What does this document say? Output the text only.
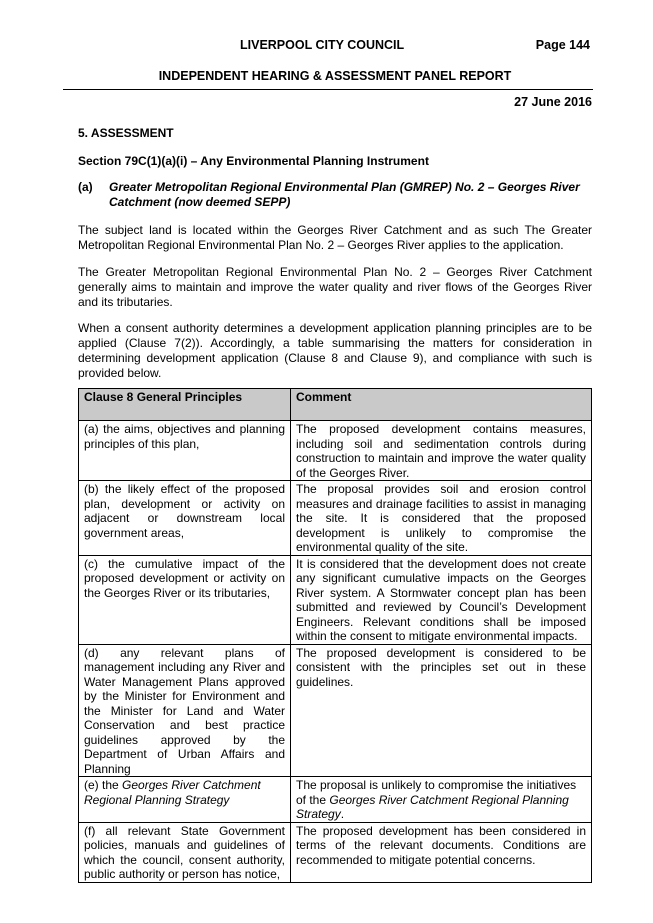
LIVERPOOL CITY COUNCIL	Page 144
INDEPENDENT HEARING & ASSESSMENT PANEL REPORT
27 June 2016
5. ASSESSMENT
Section 79C(1)(a)(i) – Any Environmental Planning Instrument
(a) Greater Metropolitan Regional Environmental Plan (GMREP) No. 2 – Georges River Catchment (now deemed SEPP)
The subject land is located within the Georges River Catchment and as such The Greater Metropolitan Regional Environmental Plan No. 2 – Georges River applies to the application.
The Greater Metropolitan Regional Environmental Plan No. 2 – Georges River Catchment generally aims to maintain and improve the water quality and river flows of the Georges River and its tributaries.
When a consent authority determines a development application planning principles are to be applied (Clause 7(2)). Accordingly, a table summarising the matters for consideration in determining development application (Clause 8 and Clause 9), and compliance with such is provided below.
Clause 8 General Principles	Comment
(a) the aims, objectives and planning principles of this plan,	The proposed development contains measures, including soil and sedimentation controls during construction to maintain and improve the water quality of the Georges River.
(b) the likely effect of the proposed plan, development or activity on adjacent or downstream local government areas,	The proposal provides soil and erosion control measures and drainage facilities to assist in managing the site. It is considered that the proposed development is unlikely to compromise the environmental quality of the site.
(c) the cumulative impact of the proposed development or activity on the Georges River or its tributaries,	It is considered that the development does not create any significant cumulative impacts on the Georges River system. A Stormwater concept plan has been submitted and reviewed by Council’s Development Engineers. Relevant conditions shall be imposed within the consent to mitigate environmental impacts.
(d) any relevant plans of management including any River and Water Management Plans approved by the Minister for Environment and the Minister for Land and Water Conservation and best practice guidelines approved by the Department of Urban Affairs and Planning	The proposed development is considered to be consistent with the principles set out in these guidelines.
(e) the Georges River Catchment Regional Planning Strategy	The proposal is unlikely to compromise the initiatives of the Georges River Catchment Regional Planning Strategy.
(f) all relevant State Government policies, manuals and guidelines of which the council, consent authority, public authority or person has notice,	The proposed development has been considered in terms of the relevant documents. Conditions are recommended to mitigate potential concerns.
